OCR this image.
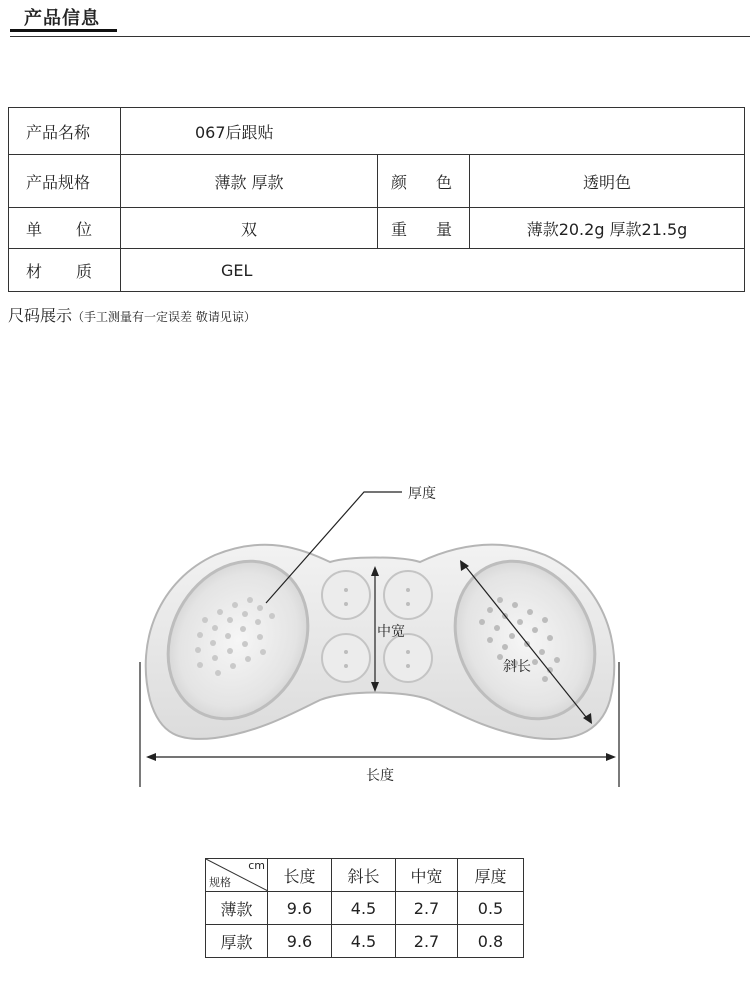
产品信息
产品名称	067后跟贴		
产品规格	薄款 厚款	颜 色	透明色

单 位	双	重 量	薄款20.2g 厚款21.5g

材 质	GEL		
尺码展示（手工测量有一定误差 敬请见谅）
厚度
中宽
斜长
长度
cm
规格	长度	斜长	中宽	厚度
薄款	9.6	4.5	2.7	0.5
厚款	9.6	4.5	2.7	0.8
